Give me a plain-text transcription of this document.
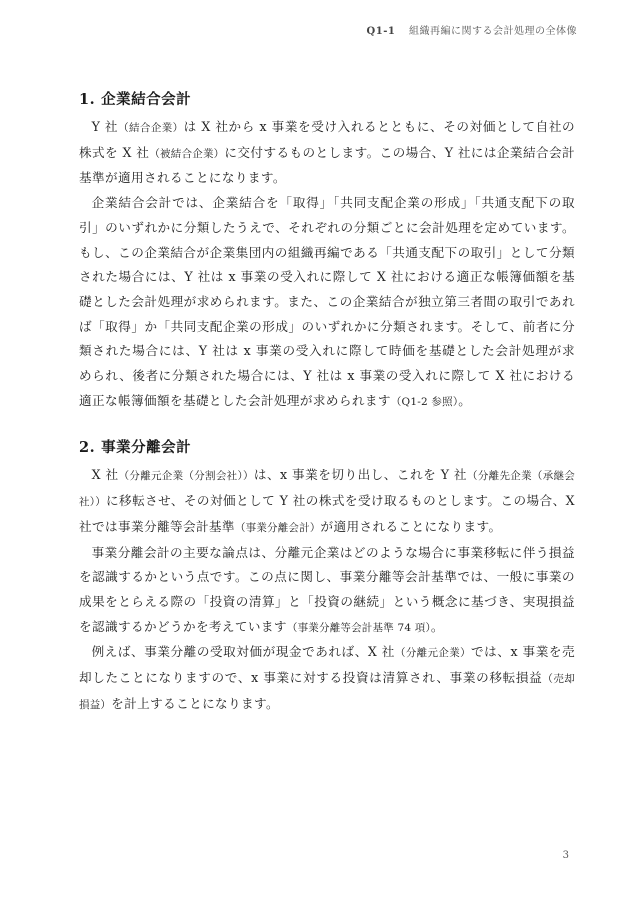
Q1-1 組織再編に関する会計処理の全体像
1. 企業結合会計

Y 社（結合企業）は X 社から x 事業を受け入れるとともに、その対価として自社の株式を X 社（被結合企業）に交付するものとします。この場合、Y 社には企業結合会計基準が適用されることになります。

企業結合会計では、企業結合を「取得」「共同支配企業の形成」「共通支配下の取引」のいずれかに分類したうえで、それぞれの分類ごとに会計処理を定めています。もし、この企業結合が企業集団内の組織再編である「共通支配下の取引」として分類された場合には、Y 社は x 事業の受入れに際して X 社における適正な帳簿価額を基礎とした会計処理が求められます。また、この企業結合が独立第三者間の取引であれば「取得」か「共同支配企業の形成」のいずれかに分類されます。そして、前者に分類された場合には、Y 社は x 事業の受入れに際して時価を基礎とした会計処理が求められ、後者に分類された場合には、Y 社は x 事業の受入れに際して X 社における適正な帳簿価額を基礎とした会計処理が求められます（Q1-2 参照）。

2. 事業分離会計

X 社（分離元企業（分割会社））は、x 事業を切り出し、これを Y 社（分離先企業（承継会社））に移転させ、その対価として Y 社の株式を受け取るものとします。この場合、X 社では事業分離等会計基準（事業分離会計）が適用されることになります。

事業分離会計の主要な論点は、分離元企業はどのような場合に事業移転に伴う損益を認識するかという点です。この点に関し、事業分離等会計基準では、一般に事業の成果をとらえる際の「投資の清算」と「投資の継続」という概念に基づき、実現損益を認識するかどうかを考えています（事業分離等会計基準 74 項）。

例えば、事業分離の受取対価が現金であれば、X 社（分離元企業）では、x 事業を売却したことになりますので、x 事業に対する投資は清算され、事業の移転損益（売却損益）を計上することになります。

3
